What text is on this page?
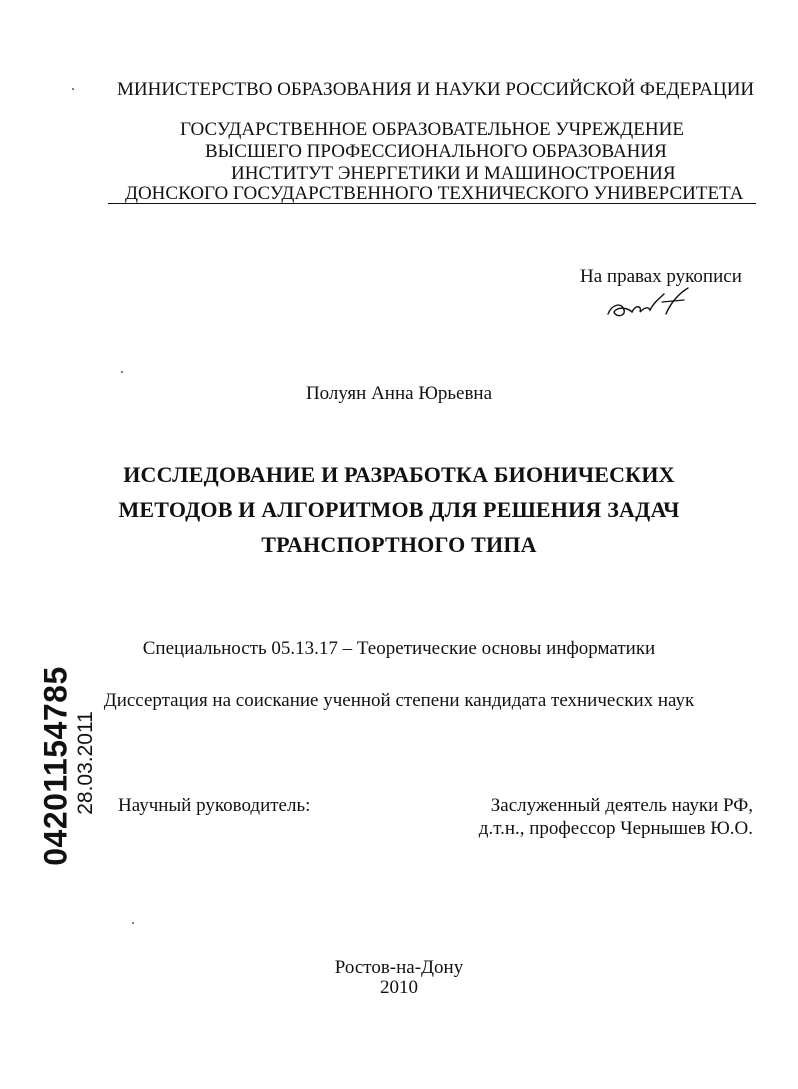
МИНИСТЕРСТВО ОБРАЗОВАНИЯ И НАУКИ РОССИЙСКОЙ ФЕДЕРАЦИИ
ГОСУДАРСТВЕННОЕ ОБРАЗОВАТЕЛЬНОЕ УЧРЕЖДЕНИЕ
ВЫСШЕГО ПРОФЕССИОНАЛЬНОГО ОБРАЗОВАНИЯ
ИНСТИТУТ ЭНЕРГЕТИКИ И МАШИНОСТРОЕНИЯ
ДОНСКОГО ГОСУДАРСТВЕННОГО ТЕХНИЧЕСКОГО УНИВЕРСИТЕТА
На правах рукописи
Полуян Анна Юрьевна
ИССЛЕДОВАНИЕ И РАЗРАБОТКА БИОНИЧЕСКИХ
МЕТОДОВ И АЛГОРИТМОВ ДЛЯ РЕШЕНИЯ ЗАДАЧ
ТРАНСПОРТНОГО ТИПА
Специальность 05.13.17 – Теоретические основы информатики
Диссертация на соискание ученной степени кандидата технических наук
Научный руководитель:	Заслуженный деятель науки РФ,
д.т.н., профессор Чернышев Ю.О.
Ростов-на-Дону
2010
04201154785 28.03.2011
